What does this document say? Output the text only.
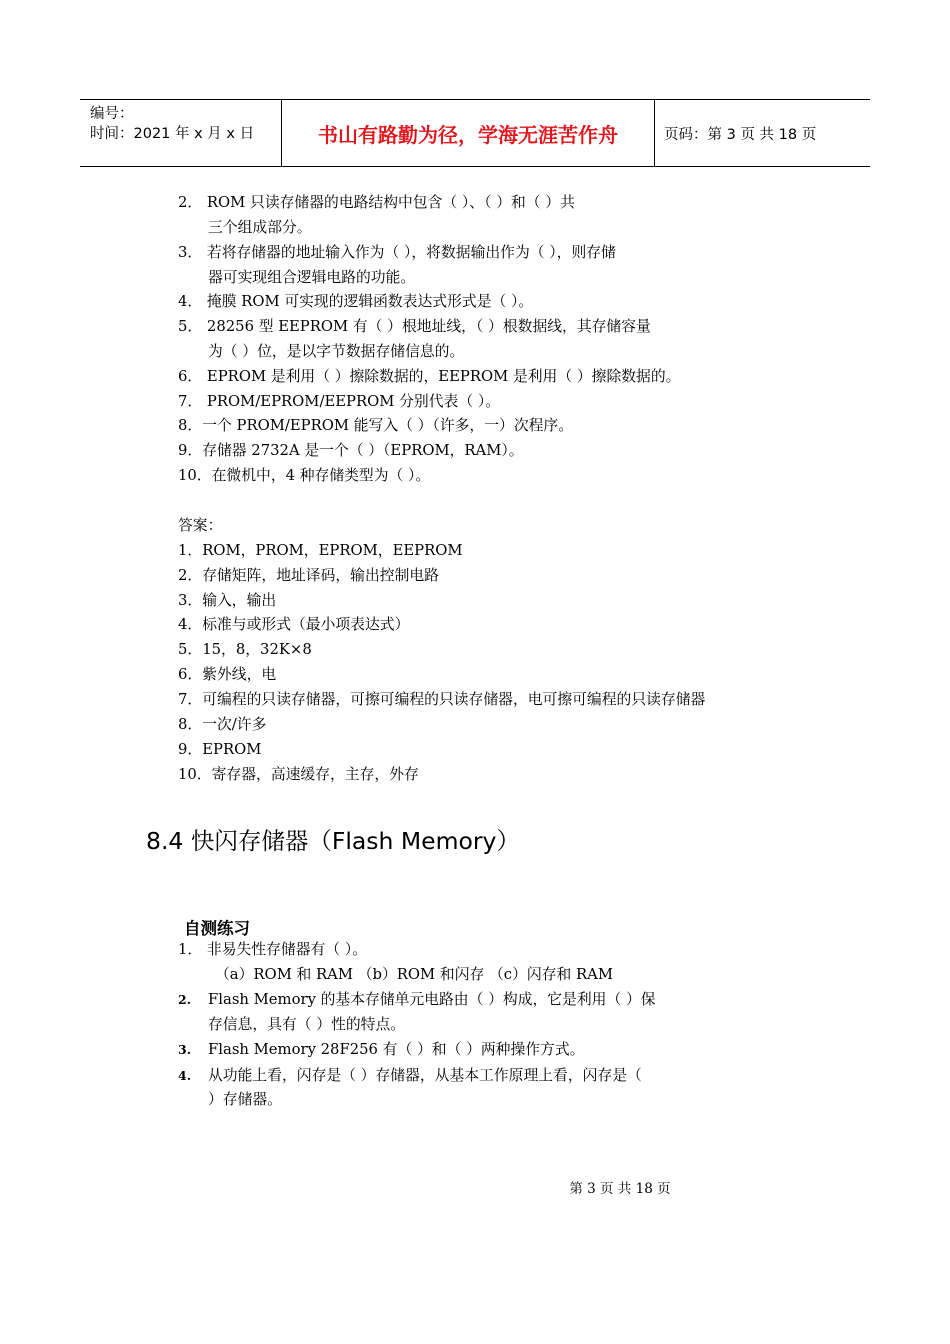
编号：
时间：2021 年 x 月 x 日	书山有路勤为径，学海无涯苦作舟	页码：第 3 页 共 18 页
2． ROM 只读存储器的电路结构中包含（ ）、（ ）和（ ）共
三个组成部分。
3． 若将存储器的地址输入作为（ ），将数据输出作为（ ），则存储
器可实现组合逻辑电路的功能。
4． 掩膜 ROM 可实现的逻辑函数表达式形式是（ ）。
5． 28256 型 EEPROM 有（ ）根地址线，（ ）根数据线，其存储容量
为（ ）位，是以字节数据存储信息的。
6． EPROM 是利用（ ）擦除数据的，EEPROM 是利用（ ）擦除数据的。
7． PROM/EPROM/EEPROM 分别代表（ ）。
8．一个 PROM/EPROM 能写入（ ）（许多，一）次程序。
9．存储器 2732A 是一个（ ）（EPROM，RAM）。
10．在微机中，4 种存储类型为（ ）。
答案：
1．ROM，PROM，EPROM，EEPROM
2．存储矩阵，地址译码，输出控制电路
3．输入，输出
4．标准与或形式（最小项表达式）
5．15，8，32K×8
6．紫外线，电
7．可编程的只读存储器，可擦可编程的只读存储器，电可擦可编程的只读存储器
8．一次/许多
9．EPROM
10．寄存器，高速缓存，主存，外存
8.4 快闪存储器（Flash Memory）
自测练习
1． 非易失性存储器有（ ）。
（a）ROM 和 RAM （b）ROM 和闪存 （c）闪存和 RAM
2. Flash Memory 的基本存储单元电路由（ ）构成，它是利用（ ）保
存信息，具有（ ）性的特点。
3. Flash Memory 28F256 有（ ）和（ ）两种操作方式。
4. 从功能上看，闪存是（ ）存储器，从基本工作原理上看，闪存是（
）存储器。
第 3 页 共 18 页
